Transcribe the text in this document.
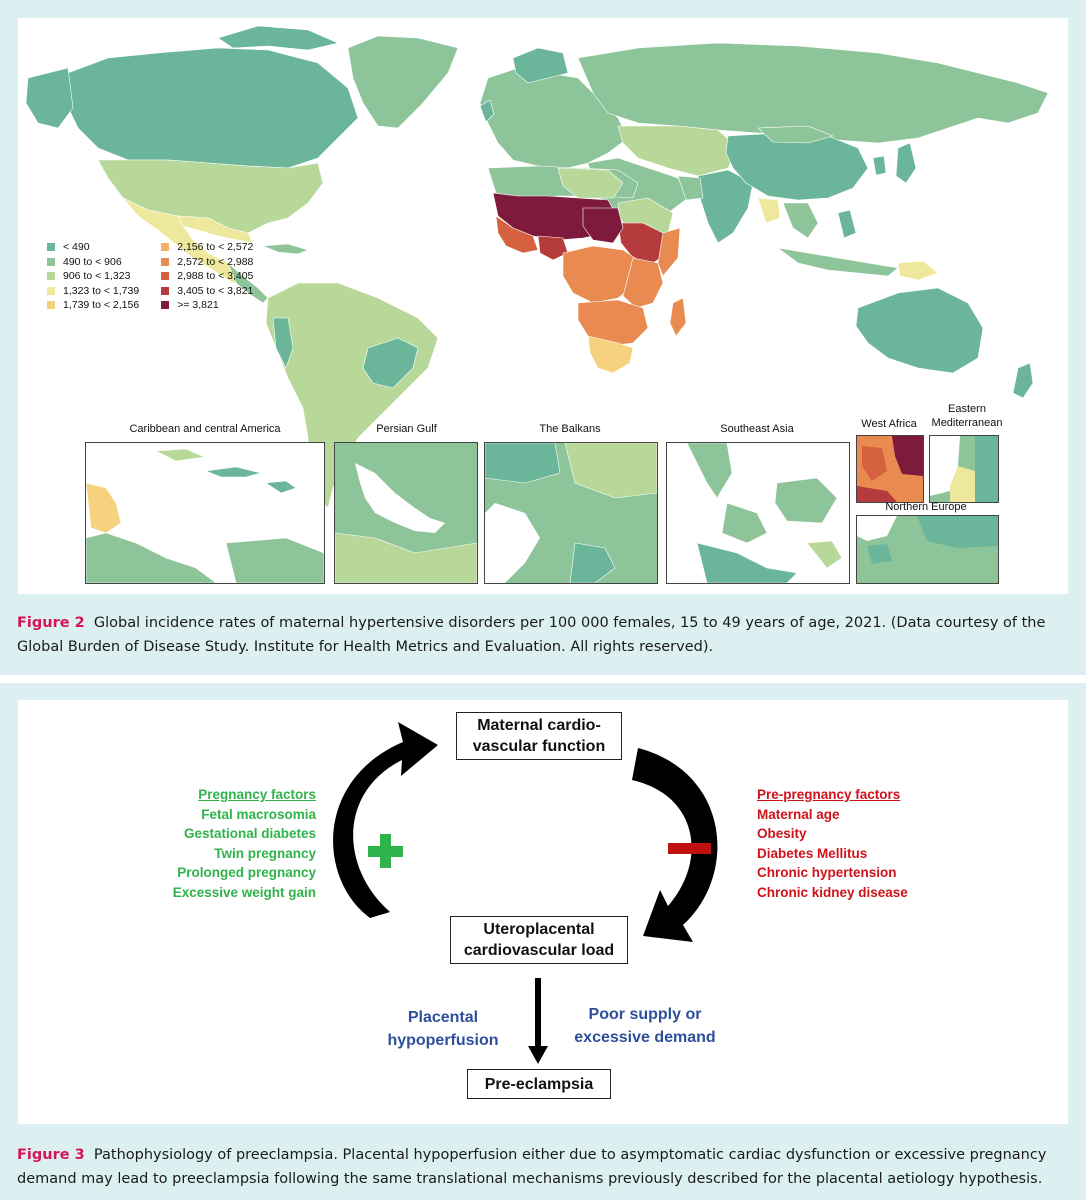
< 490
490 to < 906
906 to < 1,323
1,323 to < 1,739
1,739 to < 2,156
2,156 to < 2,572
2,572 to < 2,988
2,988 to < 3,405
3,405 to < 3,821
>= 3,821
Caribbean and central America	Persian Gulf	The Balkans	Southeast Asia	West Africa
Eastern Mediterranean
Northern Europe
Figure 2 Global incidence rates of maternal hypertensive disorders per 100 000 females, 15 to 49 years of age, 2021. (Data courtesy of the Global Burden of Disease Study. Institute for Health Metrics and Evaluation. All rights reserved).
Maternal cardio-
vascular function
Uteroplacental
cardiovascular load
Pre-eclampsia
Pregnancy factors
Fetal macrosomia
Gestational diabetes
Twin pregnancy
Prolonged pregnancy
Excessive weight gain
Pre-pregnancy factors
Maternal age
Obesity
Diabetes Mellitus
Chronic hypertension
Chronic kidney disease
Placental
hypoperfusion
Poor supply or
excessive demand
Figure 3 Pathophysiology of preeclampsia. Placental hypoperfusion either due to asymptomatic cardiac dysfunction or excessive pregnancy demand may lead to preeclampsia following the same translational mechanisms previously described for the placental aetiology hypothesis.
